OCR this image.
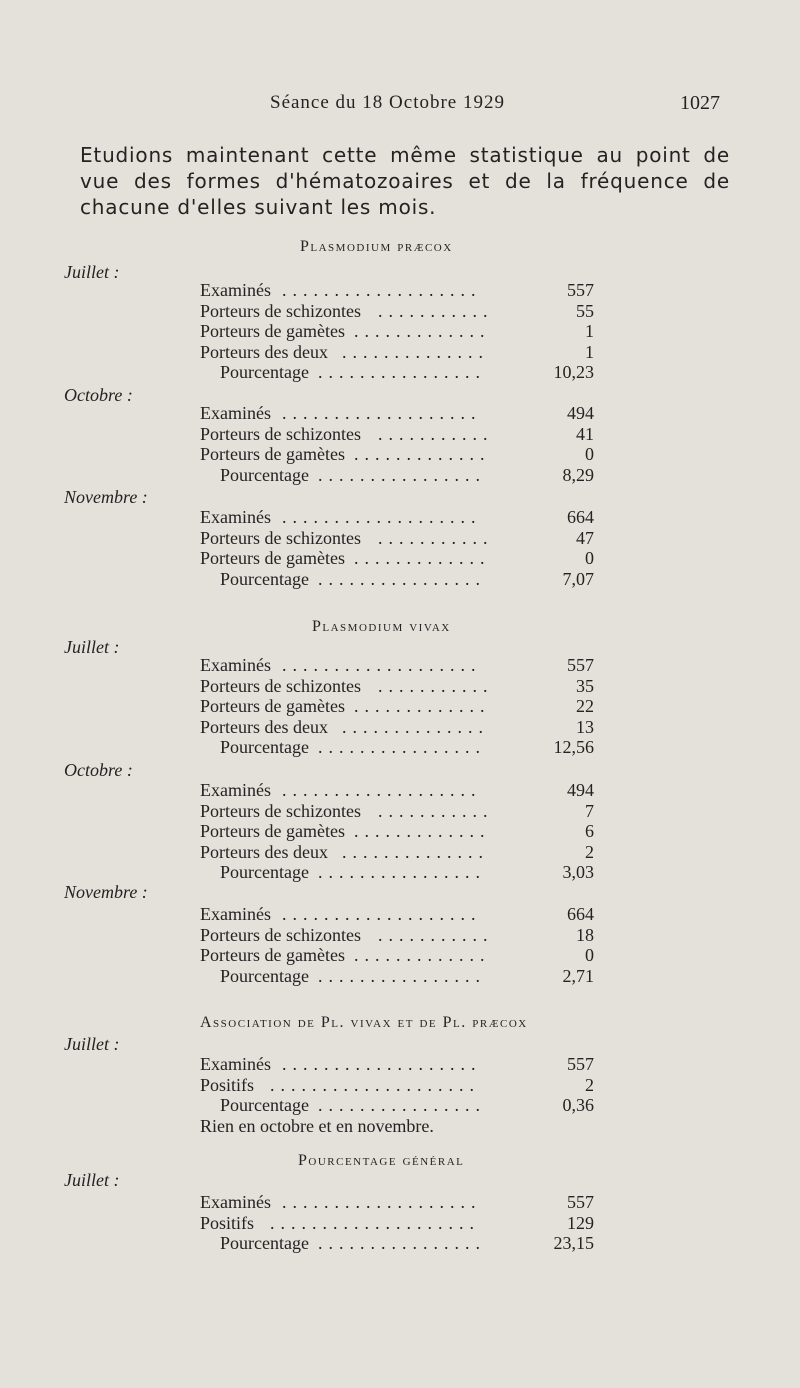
Séance du 18 Octobre 1929	1027
Etudions maintenant cette même statistique au point de vue des formes d'hématozoaires et de la fréquence de chacune d'elles suivant les mois.
Plasmodium præcox
Juillet :
Examinés	557
...................
Porteurs de schizontes	55
...........
Porteurs de gamètes	1
.............
Porteurs des deux	1
..............
Pourcentage	10,23
................
Octobre :
Examinés	494
...................
Porteurs de schizontes	41
...........
Porteurs de gamètes	0
.............
Pourcentage	8,29
................
Novembre :
Examinés	664
...................
Porteurs de schizontes	47
...........
Porteurs de gamètes	0
.............
Pourcentage	7,07
................
Plasmodium vivax
Juillet :
Examinés	557
...................
Porteurs de schizontes	35
...........
Porteurs de gamètes	22
.............
Porteurs des deux	13
..............
Pourcentage	12,56
................
Octobre :
Examinés	494
...................
Porteurs de schizontes	7
...........
Porteurs de gamètes	6
.............
Porteurs des deux	2
..............
Pourcentage	3,03
................
Novembre :
Examinés	664
...................
Porteurs de schizontes	18
...........
Porteurs de gamètes	0
.............
Pourcentage	2,71
................
Association de Pl. vivax et de Pl. præcox
Juillet :
Examinés	557
...................
Positifs	2
....................
Pourcentage	0,36
................
Rien en octobre et en novembre.
Pourcentage général
Juillet :
Examinés	557
...................
Positifs	129
....................
Pourcentage	23,15
................
